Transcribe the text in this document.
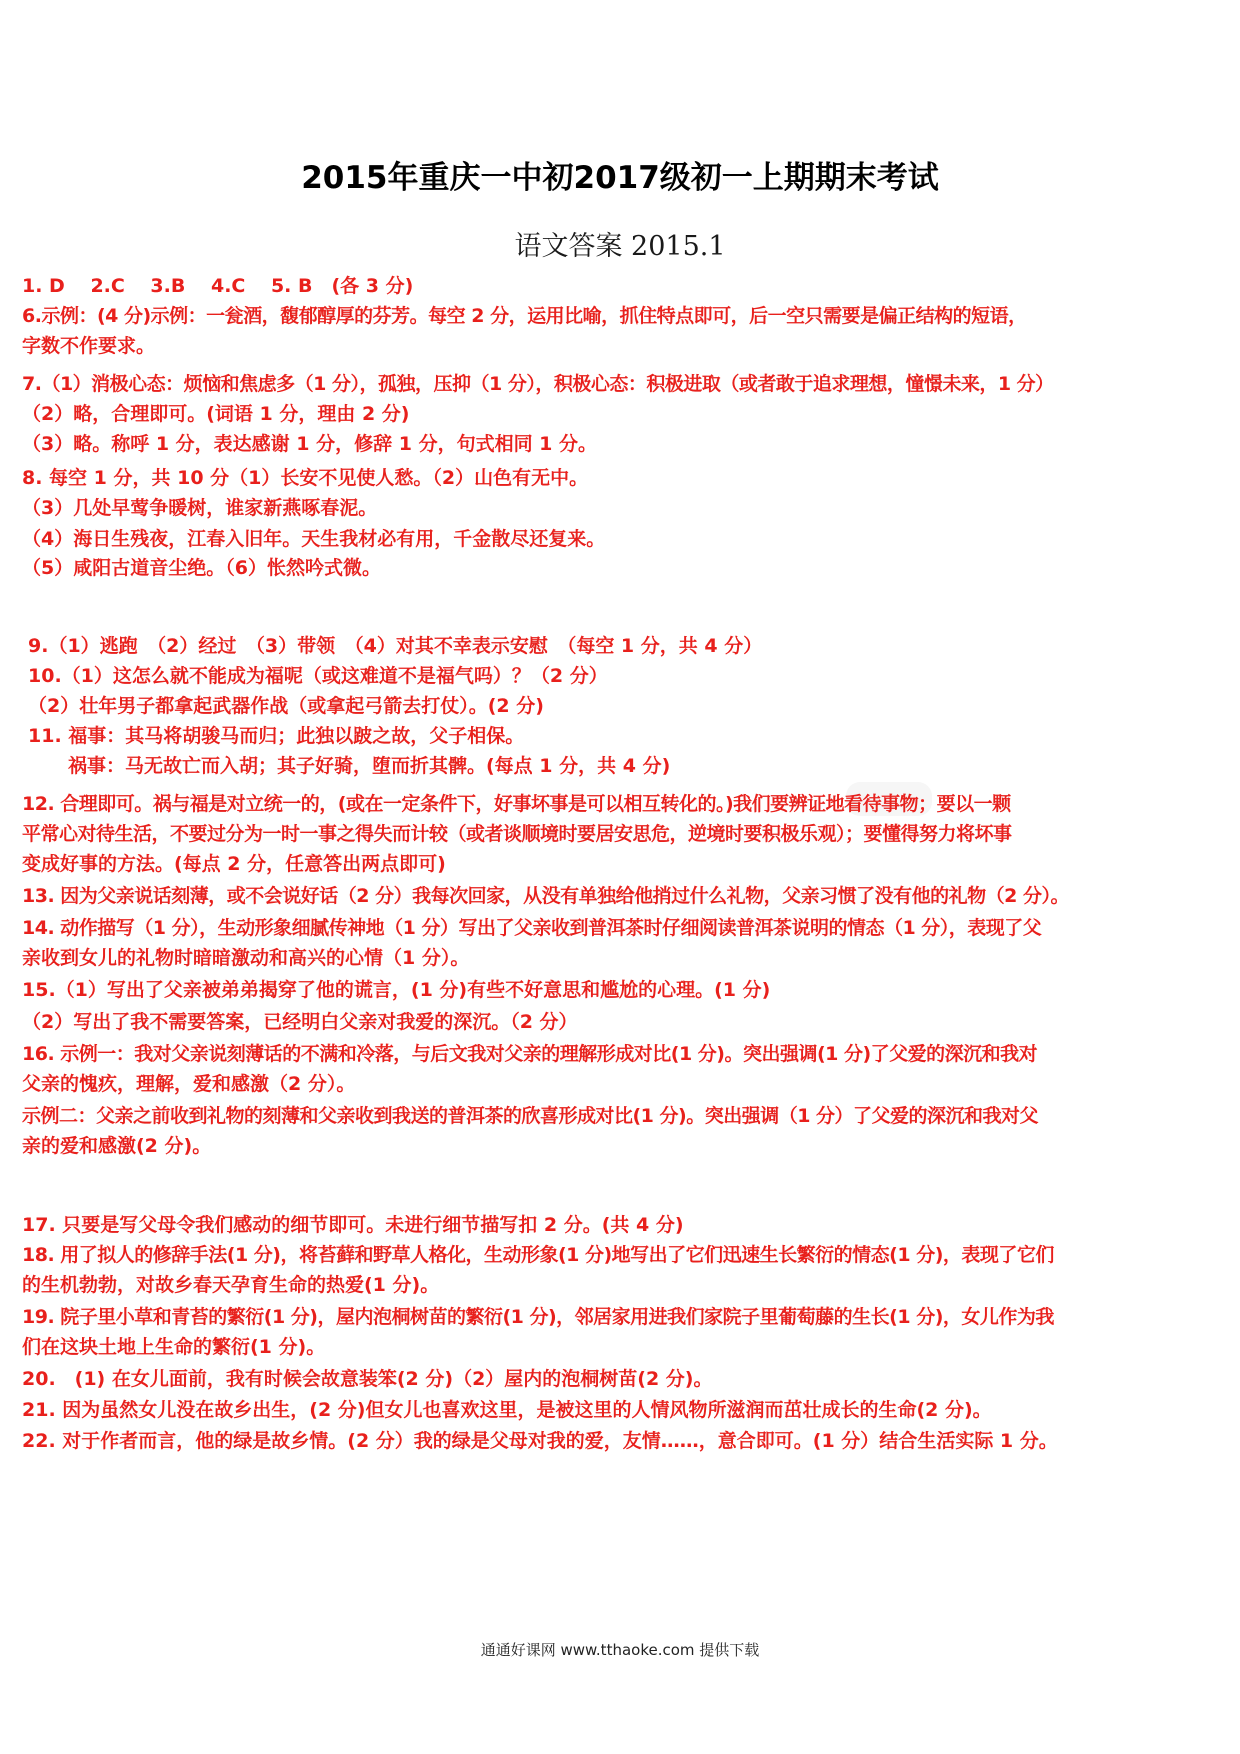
2015年重庆一中初2017级初一上期期末考试
语文答案 2015.1
1. D　 2.C　 3.B　 4.C　 5. B　(各 3 分)
6.示例：(4 分)示例：一瓮酒，馥郁醇厚的芬芳。每空 2 分，运用比喻，抓住特点即可，后一空只需要是偏正结构的短语，
字数不作要求。
7.（1）消极心态：烦恼和焦虑多（1 分），孤独，压抑（1 分），积极心态：积极进取（或者敢于追求理想，憧憬未来，1 分）
（2）略，合理即可。(词语 1 分，理由 2 分)
（3）略。称呼 1 分，表达感谢 1 分，修辞 1 分，句式相同 1 分。
8. 每空 1 分，共 10 分（1）长安不见使人愁。（2）山色有无中。
（3）几处早莺争暖树，谁家新燕啄春泥。
（4）海日生残夜，江春入旧年。天生我材必有用，千金散尽还复来。
（5）咸阳古道音尘绝。（6）怅然吟式微。
9.（1）逃跑　（2）经过　（3）带领　（4）对其不幸表示安慰　（每空 1 分，共 4 分）
10.（1）这怎么就不能成为福呢（或这难道不是福气吗）？（2 分）
（2）壮年男子都拿起武器作战（或拿起弓箭去打仗）。(2 分)
11. 福事：其马将胡骏马而归；此独以跛之故，父子相保。
祸事：马无故亡而入胡；其子好骑，堕而折其髀。(每点 1 分，共 4 分)
12. 合理即可。祸与福是对立统一的，(或在一定条件下，好事坏事是可以相互转化的。)我们要辨证地看待事物；要以一颗
平常心对待生活，不要过分为一时一事之得失而计较（或者谈顺境时要居安思危，逆境时要积极乐观）；要懂得努力将坏事
变成好事的方法。(每点 2 分，任意答出两点即可)
13. 因为父亲说话刻薄，或不会说好话（2 分）我每次回家，从没有单独给他捎过什么礼物，父亲习惯了没有他的礼物（2 分）。
14. 动作描写（1 分），生动形象细腻传神地（1 分）写出了父亲收到普洱茶时仔细阅读普洱茶说明的情态（1 分），表现了父
亲收到女儿的礼物时暗暗激动和高兴的心情（1 分）。
15.（1）写出了父亲被弟弟揭穿了他的谎言，(1 分)有些不好意思和尴尬的心理。(1 分)
（2）写出了我不需要答案，已经明白父亲对我爱的深沉。（2 分）
16. 示例一：我对父亲说刻薄话的不满和冷落，与后文我对父亲的理解形成对比(1 分)。突出强调(1 分)了父爱的深沉和我对
父亲的愧疚，理解，爱和感激（2 分）。
示例二：父亲之前收到礼物的刻薄和父亲收到我送的普洱茶的欣喜形成对比(1 分)。突出强调（1 分）了父爱的深沉和我对父
亲的爱和感激(2 分)。
17. 只要是写父母令我们感动的细节即可。未进行细节描写扣 2 分。(共 4 分)
18. 用了拟人的修辞手法(1 分)，将苔藓和野草人格化，生动形象(1 分)地写出了它们迅速生长繁衍的情态(1 分)，表现了它们
的生机勃勃，对故乡春天孕育生命的热爱(1 分)。
19. 院子里小草和青苔的繁衍(1 分)，屋内泡桐树苗的繁衍(1 分)，邻居家用进我们家院子里葡萄藤的生长(1 分)，女儿作为我
们在这块土地上生命的繁衍(1 分)。
20.　(1) 在女儿面前，我有时候会故意装笨(2 分)（2）屋内的泡桐树苗(2 分)。
21. 因为虽然女儿没在故乡出生，(2 分)但女儿也喜欢这里，是被这里的人情风物所滋润而茁壮成长的生命(2 分)。
22. 对于作者而言，他的绿是故乡情。(2 分）我的绿是父母对我的爱，友情……，意合即可。(1 分）结合生活实际 1 分。
通通好课网 www.tthaoke.com 提供下载
